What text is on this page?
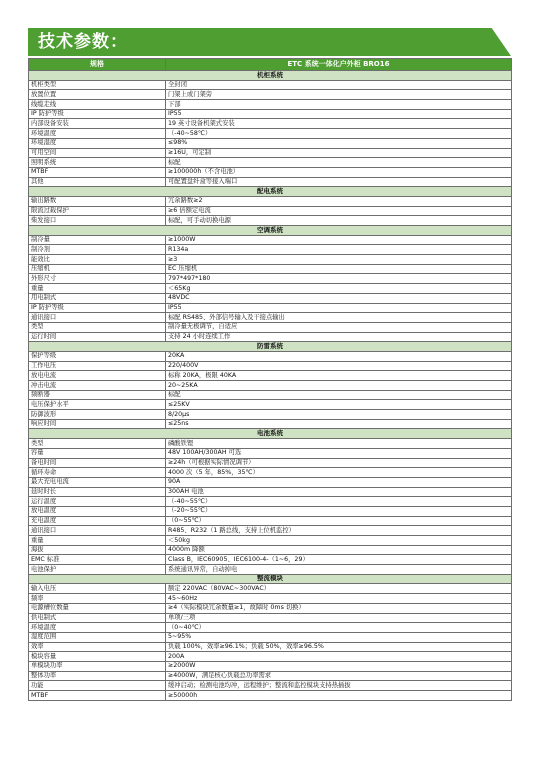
技术参数：
规格	ETC 系统一体化户外柜 BRO16
机柜系统	
机柜类型	全封闭
放置位置	门架上或门架旁
线缆走线	下部
IP 防护等级	IP55
内部设备安装	19 英寸设备机架式安装
环境温度	（-40~58℃）
环境湿度	≤98%
可用空间	≥16U，可定制
照明系统	标配
MTBF	≥100000h（不含电池）
其他	可配置盘纤盒等接入端口
配电系统	
输出路数	冗余路数≥2
限流过载保护	≥6 倍额定电流
柴发接口	标配，可手动切换电源
空调系统	
制冷量	≥1000W
制冷剂	R134a
能效比	≥3
压缩机	EC 压缩机
外形尺寸	797*497*180
重量	＜65Kg
用电制式	48VDC
IP 防护等级	IP55
通讯接口	标配 RS485、外部信号输入及干接点输出
类型	制冷量无极调节，自适应
运行时间	支持 24 小时连续工作
防雷系统	
保护等级	20KA
工作电压	220/400V
放电电流	标称 20KA，极限 40KA
冲击电流	20~25KA
频断器	标配
电压保护水平	≤25KV
防御波形	8/20μs
响应时间	≤25ns
电池系统	
类型	磷酸铁锂
容量	48V 100AH/300AH 可选
备电时间	≥24h（可根据实际情况调节）
循环寿命	4000 次（5 年，85%，35℃）
最大充电电流	90A
延时时长	300AH 电池
运行温度	（-40~55℃）
放电温度	（-20~55℃）
充电温度	（0~55℃）
通讯接口	R485、R232（1 路总线，支持上位机监控）
重量	＜50kg
海拔	4000m 降额
EMC 标准	Class B，IEC60905、IEC6100-4-（1~6，29）
电池保护	系统通讯异常，自动掉电
整流模块	
输入电压	额定 220VAC（80VAC~300VAC）
频率	45~60Hz
电源槽位数量	≥4（实际模块冗余数量≥1，故障时 0ms 切换）
供电制式	单项/三项
环境温度	（0~40℃）
湿度范围	5~95%
效率	负载 100%，效率≥96.1%；负载 50%，效率≥96.5%
模块容量	200A
单模块功率	≥2000W
整体功率	≥4000W，满足核心负载总功率需求
功能	缓冲启动；检测电池均冲，远程维护；整流和监控模块支持热插拔
MTBF	≥50000h
